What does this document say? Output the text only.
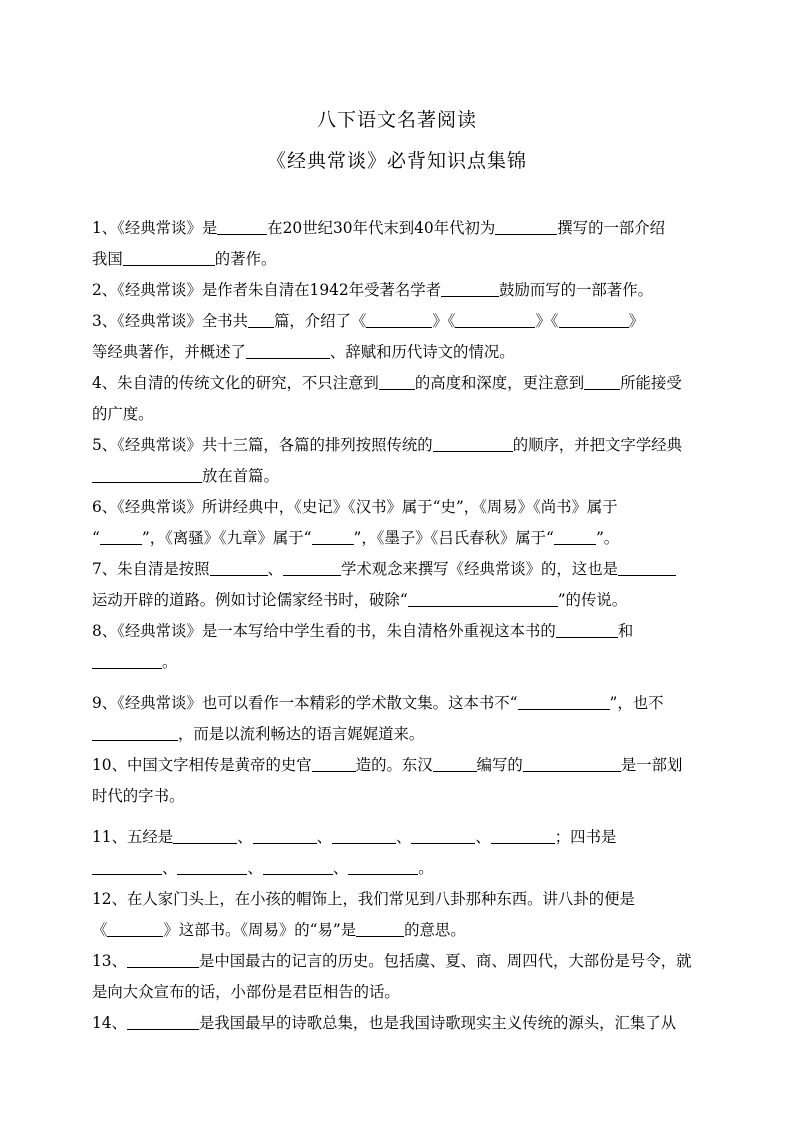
八下语文名著阅读
《经典常谈》必背知识点集锦
1、《经典常谈》是	在20世纪30年代末到40年代初为	撰写的一部介绍
我国	的著作。
2、《经典常谈》是作者朱自清在1942年受著名学者	鼓励而写的一部著作。
3、《经典常谈》全书共 篇，介绍了《	》《	》《	》
等经典著作，并概述了	、辞赋和历代诗文的情况。
4、朱自清的传统文化的研究，不只注意到 的高度和深度，更注意到 所能接受
的广度。
5、《经典常谈》共十三篇，各篇的排列按照传统的	的顺序，并把文字学经典
放在首篇。
6、《经典常谈》所讲经典中，《史记》《汉书》属于“史”，《周易》《尚书》属于
“	”，《离骚》《九章》属于“	”，《墨子》《吕氏春秋》属于“	”。
7、朱自清是按照	、	学术观念来撰写《经典常谈》的，这也是
运动开辟的道路。例如讨论儒家经书时，破除“	”的传说。
8、《经典常谈》是一本写给中学生看的书，朱自清格外重视这本书的	和
。
9、《经典常谈》也可以看作一本精彩的学术散文集。这本书不“	”，也不
，而是以流利畅达的语言娓娓道来。
10、中国文字相传是黄帝的史官	造的。东汉	编写的	是一部划
时代的字书。
11、五经是	、	、	、	、	；四书是
、	、	、	。
12、在人家门头上，在小孩的帽饰上，我们常见到八卦那种东西。讲八卦的便是
《	》这部书。《周易》的“易”是	的意思。
13、	是中国最古的记言的历史。包括虞、夏、商、周四代，大部份是号令，就
是向大众宣布的话，小部份是君臣相告的话。
14、	是我国最早的诗歌总集，也是我国诗歌现实主义传统的源头，汇集了从
